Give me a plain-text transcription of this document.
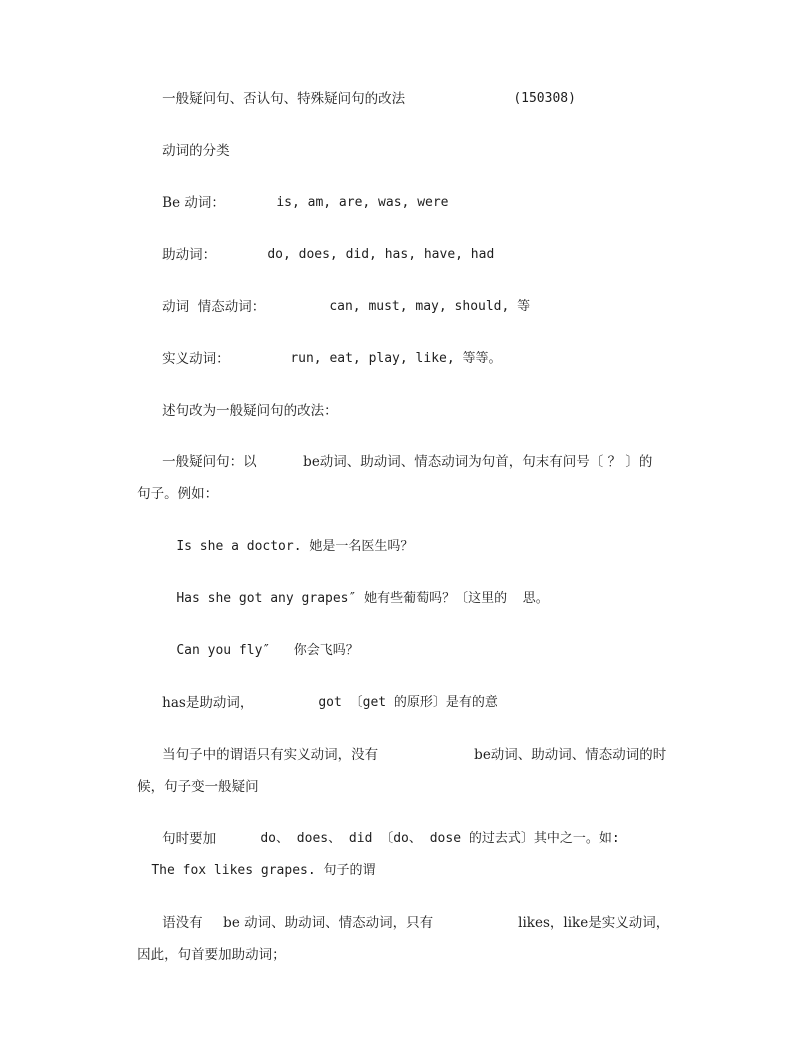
一般疑问句、否认句、特殊疑问句的改法
	(150308)

动词的分类

Be 动词：
	is, am, are, was, were

助动词：
	do, does, did, has, have, had

动词  情态动词：
	can, must, may, should, 等

实义动词：
	run, eat, play, like, 等等。

述句改为一般疑问句的改法：

一般疑问句：以
	be动词、助动词、情态动词为句首，句末有问号〔 ？ 〕的

句子。例如：

Is she a doctor. 她是一名医生吗？

Has she got any grapes″ 她有些葡萄吗？〔这里的  思。

Can you fly″   你会飞吗？

has是助动词，
	got 〔get 的原形〕是有的意

当句子中的谓语只有实义动词，没有
	be动词、助动词、情态动词的时

候，句子变一般疑问

句时要加
	do、 does、 did 〔do、 dose 的过去式〕其中之一。如:

The fox likes grapes. 句子的谓

语没有
	be 动词、助动词、情态动词，只有
	likes，like是实义动词，

因此，句首要加助动词；
